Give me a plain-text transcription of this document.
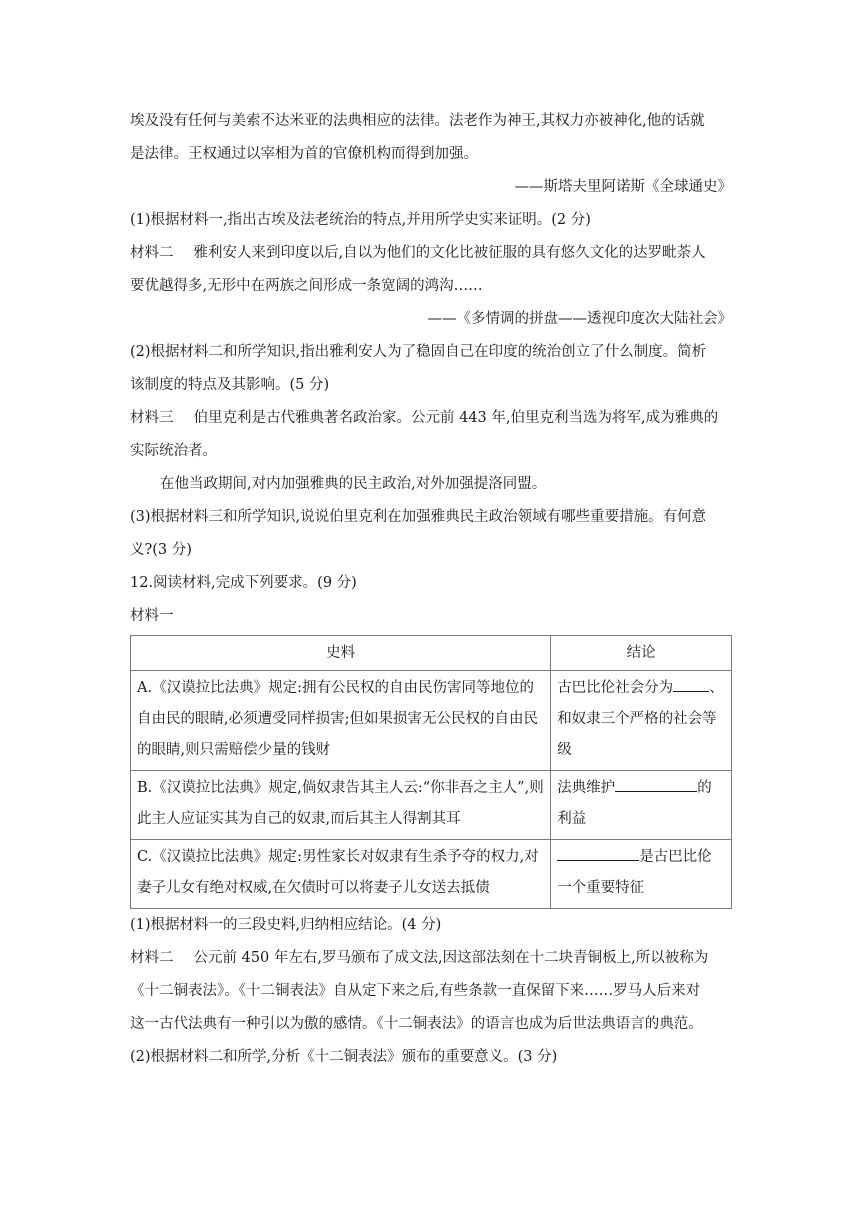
埃及没有任何与美索不达米亚的法典相应的法律。法老作为神王,其权力亦被神化,他的话就
是法律。王权通过以宰相为首的官僚机构而得到加强。
——斯塔夫里阿诺斯《全球通史》
(1)根据材料一,指出古埃及法老统治的特点,并用所学史实来证明。(2 分)
材料二 雅利安人来到印度以后,自以为他们的文化比被征服的具有悠久文化的达罗毗荼人
要优越得多,无形中在两族之间形成一条宽阔的鸿沟……
——《多情调的拼盘——透视印度次大陆社会》
(2)根据材料二和所学知识,指出雅利安人为了稳固自己在印度的统治创立了什么制度。简析
该制度的特点及其影响。(5 分)
材料三 伯里克利是古代雅典著名政治家。公元前 443 年,伯里克利当选为将军,成为雅典的
实际统治者。
在他当政期间,对内加强雅典的民主政治,对外加强提洛同盟。
(3)根据材料三和所学知识,说说伯里克利在加强雅典民主政治领域有哪些重要措施。有何意
义?(3 分)
12.阅读材料,完成下列要求。(9 分)
材料一
史料	结论
A.《汉谟拉比法典》规定:拥有公民权的自由民伤害同等地位的自由民的眼睛,必须遭受同样损害;但如果损害无公民权的自由民的眼睛,则只需赔偿少量的钱财	古巴比伦社会分为 、和奴隶三个严格的社会等级
B.《汉谟拉比法典》规定,倘奴隶告其主人云:“你非吾之主人”,则此主人应证实其为自己的奴隶,而后其主人得割其耳	法典维护 的利益
C.《汉谟拉比法典》规定:男性家长对奴隶有生杀予夺的权力,对妻子儿女有绝对权威,在欠债时可以将妻子儿女送去抵债	是古巴比伦一个重要特征
(1)根据材料一的三段史料,归纳相应结论。(4 分)
材料二 公元前 450 年左右,罗马颁布了成文法,因这部法刻在十二块青铜板上,所以被称为
《十二铜表法》。《十二铜表法》自从定下来之后,有些条款一直保留下来……罗马人后来对
这一古代法典有一种引以为傲的感情。《十二铜表法》的语言也成为后世法典语言的典范。
(2)根据材料二和所学,分析《十二铜表法》颁布的重要意义。(3 分)
